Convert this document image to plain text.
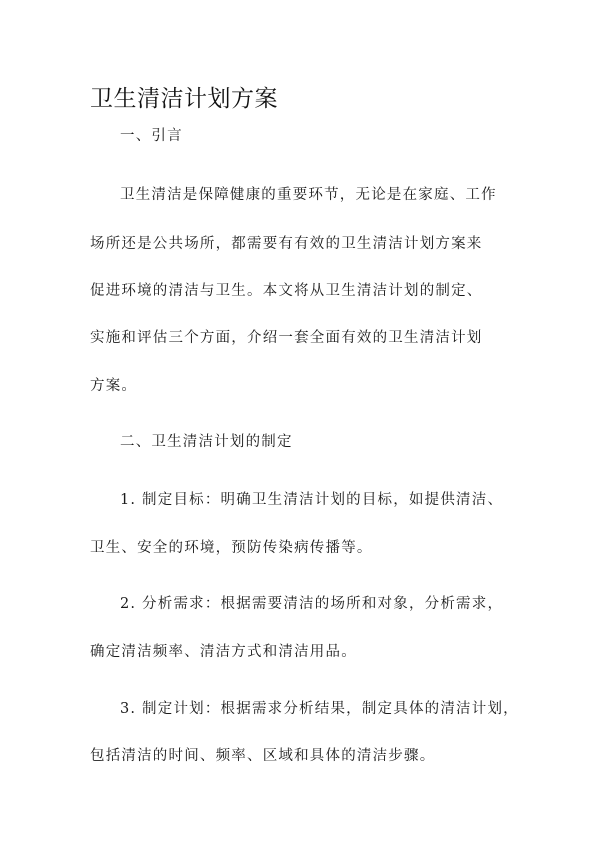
卫生清洁计划方案
一、引言
卫生清洁是保障健康的重要环节，无论是在家庭、工作
场所还是公共场所，都需要有有效的卫生清洁计划方案来
促进环境的清洁与卫生。本文将从卫生清洁计划的制定、
实施和评估三个方面，介绍一套全面有效的卫生清洁计划
方案。
二、卫生清洁计划的制定
1. 制定目标：明确卫生清洁计划的目标，如提供清洁、
卫生、安全的环境，预防传染病传播等。
2. 分析需求：根据需要清洁的场所和对象，分析需求，
确定清洁频率、清洁方式和清洁用品。
3. 制定计划：根据需求分析结果，制定具体的清洁计划，
包括清洁的时间、频率、区域和具体的清洁步骤。
